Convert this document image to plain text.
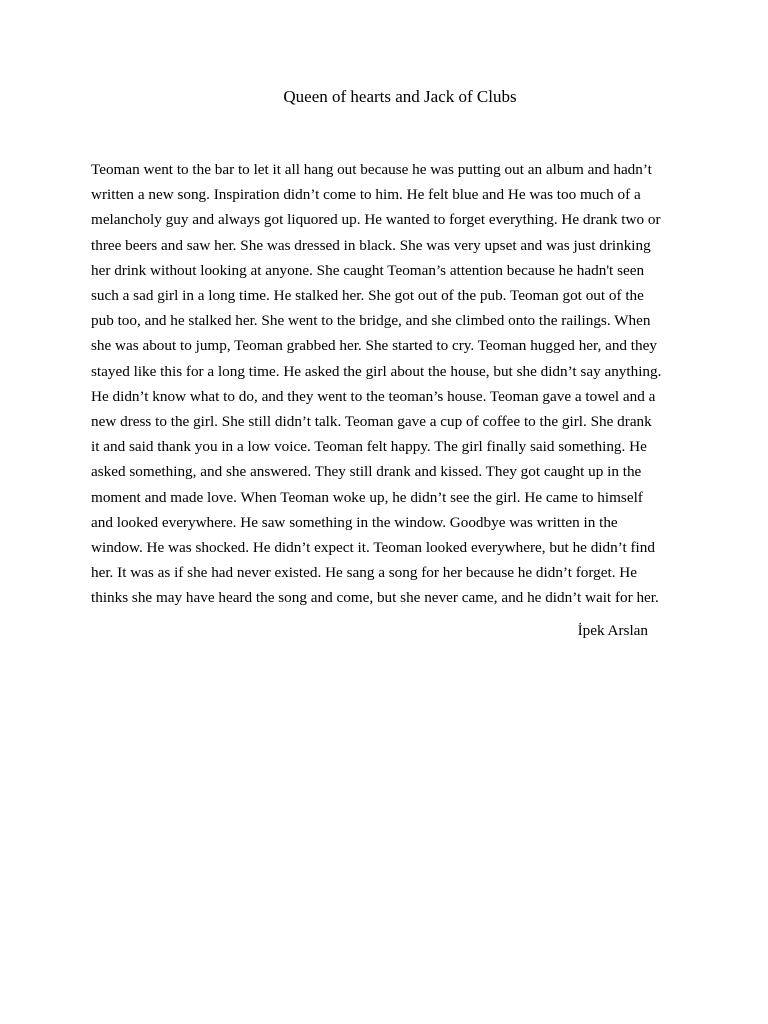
Queen of hearts and Jack of Clubs

Teoman went to the bar to let it all hang out because he was putting out an album and hadn’t
written a new song. Inspiration didn’t come to him. He felt blue and He was too much of a
melancholy guy and always got liquored up. He wanted to forget everything. He drank two or
three beers and saw her. She was dressed in black. She was very upset and was just drinking
her drink without looking at anyone. She caught Teoman’s attention because he hadn't seen
such a sad girl in a long time. He stalked her. She got out of the pub. Teoman got out of the
pub too, and he stalked her. She went to the bridge, and she climbed onto the railings. When
she was about to jump, Teoman grabbed her. She started to cry. Teoman hugged her, and they
stayed like this for a long time. He asked the girl about the house, but she didn’t say anything.
He didn’t know what to do, and they went to the teoman’s house. Teoman gave a towel and a
new dress to the girl. She still didn’t talk. Teoman gave a cup of coffee to the girl. She drank
it and said thank you in a low voice. Teoman felt happy. The girl finally said something. He
asked something, and she answered. They still drank and kissed. They got caught up in the
moment and made love. When Teoman woke up, he didn’t see the girl. He came to himself
and looked everywhere. He saw something in the window. Goodbye was written in the
window. He was shocked. He didn’t expect it. Teoman looked everywhere, but he didn’t find
her. It was as if she had never existed. He sang a song for her because he didn’t forget. He
thinks she may have heard the song and come, but she never came, and he didn’t wait for her.

İpek Arslan
